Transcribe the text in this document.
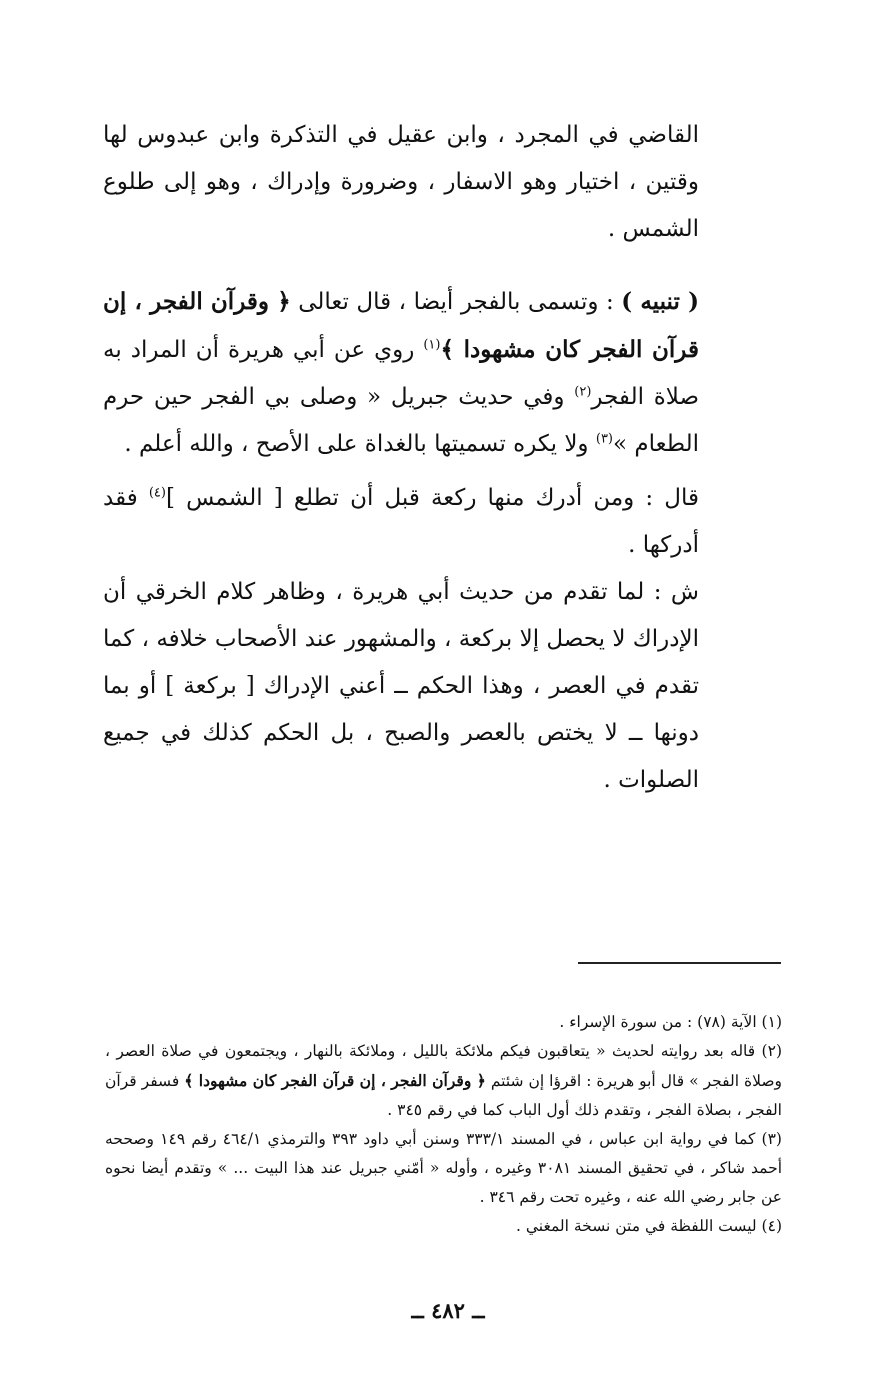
القاضي في المجرد ، وابن عقيل في التذكرة وابن عبدوس لها وقتين ، اختيار وهو الاسفار ، وضرورة وإدراك ، وهو إلى طلوع الشمس .

( تنبيه ) : وتسمى بالفجر أيضا ، قال تعالى ﴿ وقرآن الفجر ، إن قرآن الفجر كان مشهودا ﴾$^{(١)}$ روي عن أبي هريرة أن المراد به صلاة الفجر$^{(٢)}$ وفي حديث جبريل « وصلى بي الفجر حين حرم الطعام »$^{(٣)}$ ولا يكره تسميتها بالغداة على الأصح ، والله أعلم .

قال : ومن أدرك منها ركعة قبل أن تطلع [ الشمس ]$^{(٤)}$ فقد أدركها .

ش : لما تقدم من حديث أبي هريرة ، وظاهر كلام الخرقي أن الإدراك لا يحصل إلا بركعة ، والمشهور عند الأصحاب خلافه ، كما تقدم في العصر ، وهذا الحكم ــ أعني الإدراك [ بركعة ] أو بما دونها ــ لا يختص بالعصر والصبح ، بل الحكم كذلك في جميع الصلوات .

(١) الآية (٧٨) : من سورة الإسراء .

(٢) قاله بعد روايته لحديث « يتعاقبون فيكم ملائكة بالليل ، وملائكة بالنهار ، ويجتمعون في صلاة العصر ، وصلاة الفجر » قال أبو هريرة : اقرؤا إن شئتم ﴿ وقرآن الفجر ، إن قرآن الفجر كان مشهودا ﴾ فسفر قرآن الفجر ، بصلاة الفجر ، وتقدم ذلك أول الباب كما في رقم ٣٤٥ .

(٣) كما في رواية ابن عباس ، في المسند ٣٣٣/١ وسنن أبي داود ٣٩٣ والترمذي ٤٦٤/١ رقم ١٤٩ وصححه أحمد شاكر ، في تحقيق المسند ٣٠٨١ وغيره ، وأوله « أمّني جبريل عند هذا البيت ... » وتقدم أيضا نحوه عن جابر رضي الله عنه ، وغيره تحت رقم ٣٤٦ .

(٤) ليست اللفظة في متن نسخة المغني .

ــ ٤٨٢ ــ
